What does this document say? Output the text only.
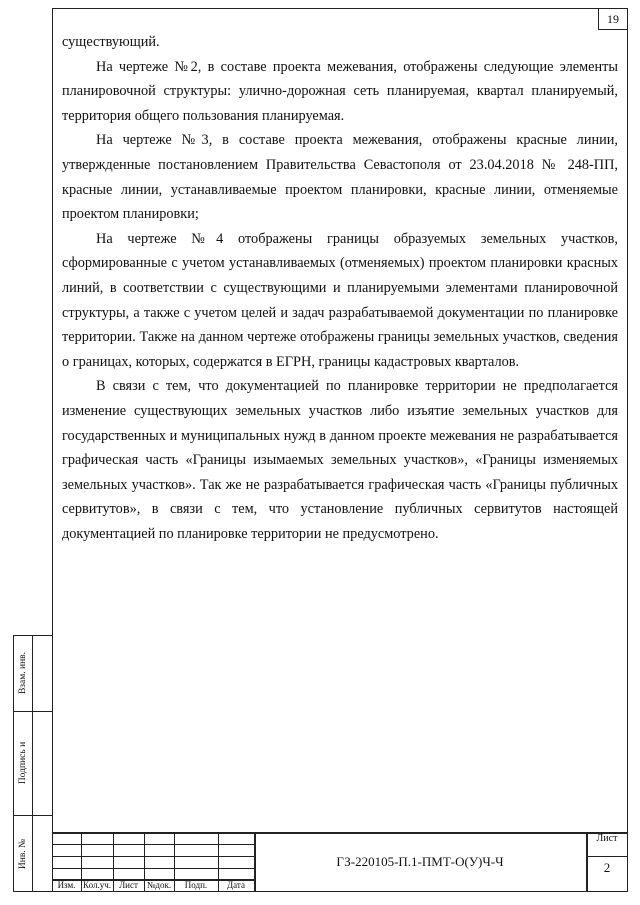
19

существующий.

На чертеже №2, в составе проекта межевания, отображены следующие элементы планировочной структуры: улично-дорожная сеть планируемая, квартал планируемый, территория общего пользования планируемая.

На чертеже №3, в составе проекта межевания, отображены красные линии, утвержденные постановлением Правительства Севастополя от 23.04.2018 № 248-ПП, красные линии, устанавливаемые проектом планировки, красные линии, отменяемые проектом планировки;

На чертеже №4 отображены границы образуемых земельных участков, сформированные с учетом устанавливаемых (отменяемых) проектом планировки красных линий, в соответствии с существующими и планируемыми элементами планировочной структуры, а также с учетом целей и задач разрабатываемой документации по планировке территории. Также на данном чертеже отображены границы земельных участков, сведения о границах, которых, содержатся в ЕГРН, границы кадастровых кварталов.

В связи с тем, что документацией по планировке территории не предполагается изменение существующих земельных участков либо изъятие земельных участков для государственных и муниципальных нужд в данном проекте межевания не разрабатывается графическая часть «Границы изымаемых земельных участков», «Границы изменяемых земельных участков». Так же не разрабатывается графическая часть «Границы публичных сервитутов», в связи с тем, что установление публичных сервитутов настоящей документацией по планировке территории не предусмотрено.

Взам. инв.
Подпись и
Инв. №
Изм. Кол.уч. Лист №док.	Подп.	Дата
ГЗ-220105-П.1-ПМТ-О(У)Ч-Ч
Лист
2
